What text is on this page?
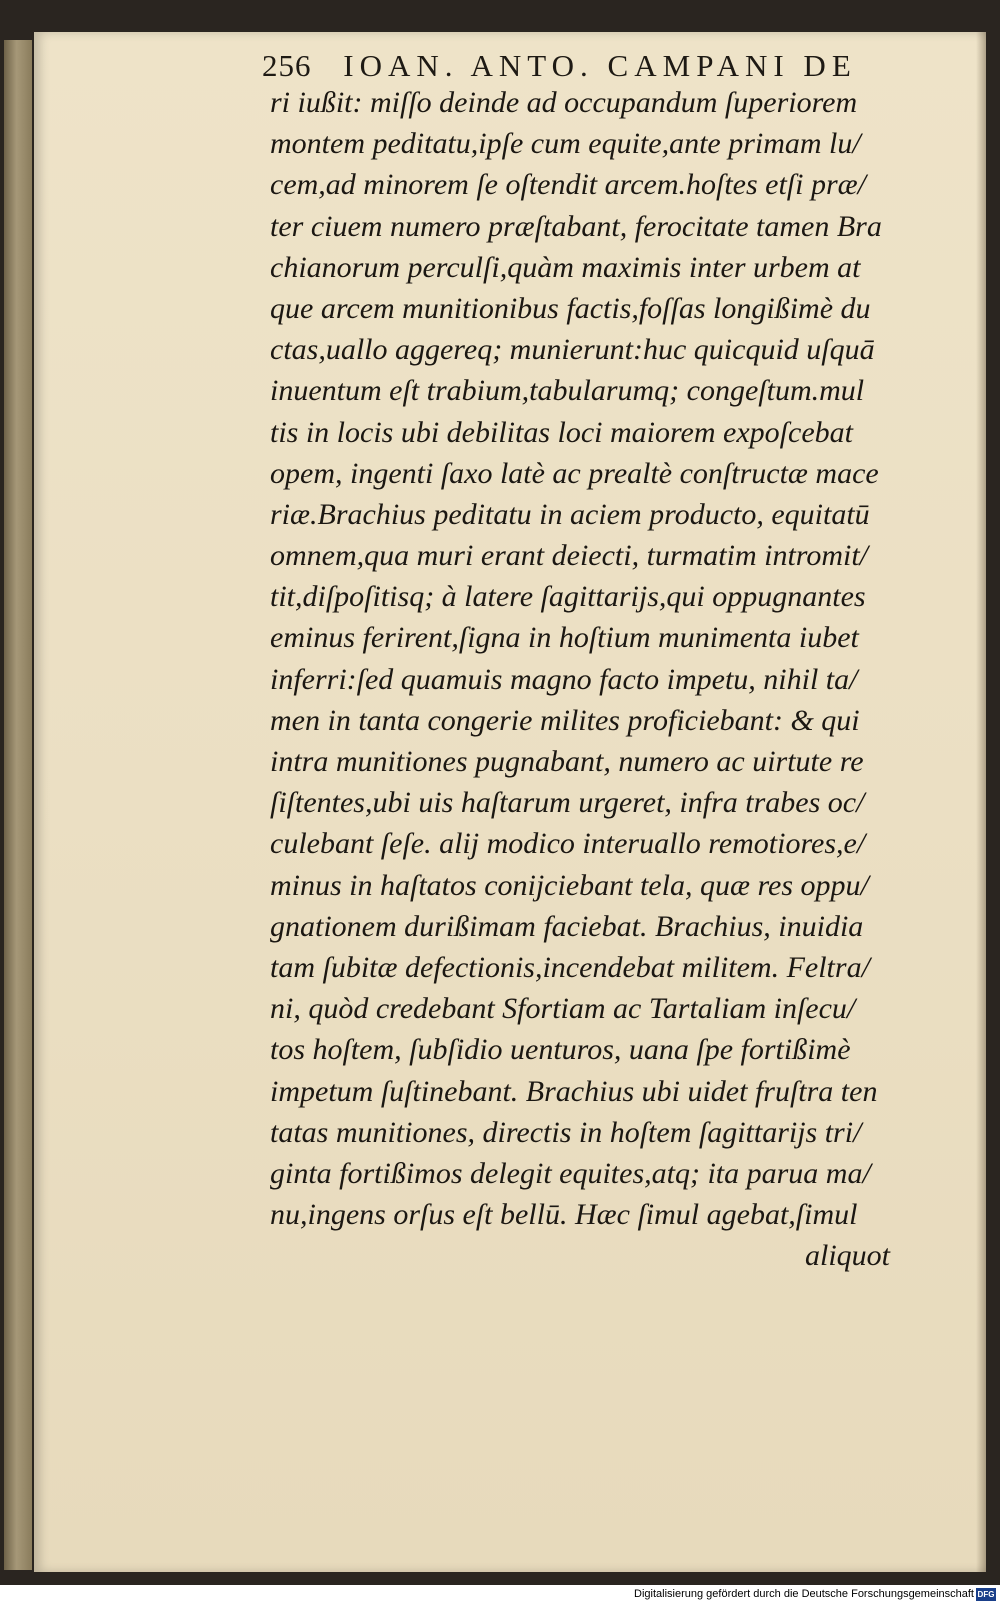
256 IOAN. ANTO. CAMPANI DE
ri iußit: miſſo deinde ad occupandum ſuperiorem
montem peditatu,ipſe cum equite,ante primam lu/
cem,ad minorem ſe oſtendit arcem.hoſtes etſi præ/
ter ciuem numero præſtabant, ferocitate tamen Bra
chianorum perculſi,quàm maximis inter urbem at
que arcem munitionibus factis,foſſas longißimè du
ctas,uallo aggereq; munierunt:huc quicquid uſquā
inuentum eſt trabium,tabularumq; congeſtum.mul
tis in locis ubi debilitas loci maiorem expoſcebat
opem, ingenti ſaxo latè ac prealtè conſtructæ mace
riæ.Brachius peditatu in aciem producto, equitatū
omnem,qua muri erant deiecti, turmatim intromit/
tit,diſpoſitisq; à latere ſagittarijs,qui oppugnantes
eminus ferirent,ſigna in hoſtium munimenta iubet
inferri:ſed quamuis magno facto impetu, nihil ta/
men in tanta congerie milites proficiebant: & qui
intra munitiones pugnabant, numero ac uirtute re
ſiſtentes,ubi uis haſtarum urgeret, infra trabes oc/
culebant ſeſe. alij modico interuallo remotiores,e/
minus in haſtatos conijciebant tela, quæ res oppu/
gnationem durißimam faciebat. Brachius, inuidia
tam ſubitæ defectionis,incendebat militem. Feltra/
ni, quòd credebant Sfortiam ac Tartaliam inſecu/
tos hoſtem, ſubſidio uenturos, uana ſpe fortißimè
impetum ſuſtinebant. Brachius ubi uidet fruſtra ten
tatas munitiones, directis in hoſtem ſagittarijs tri/
ginta fortißimos delegit equites,atq; ita parua ma/
nu,ingens orſus eſt bellū. Hæc ſimul agebat,ſimul
aliquot
Digitalisierung gefördert durch die Deutsche Forschungsgemeinschaft DFG
